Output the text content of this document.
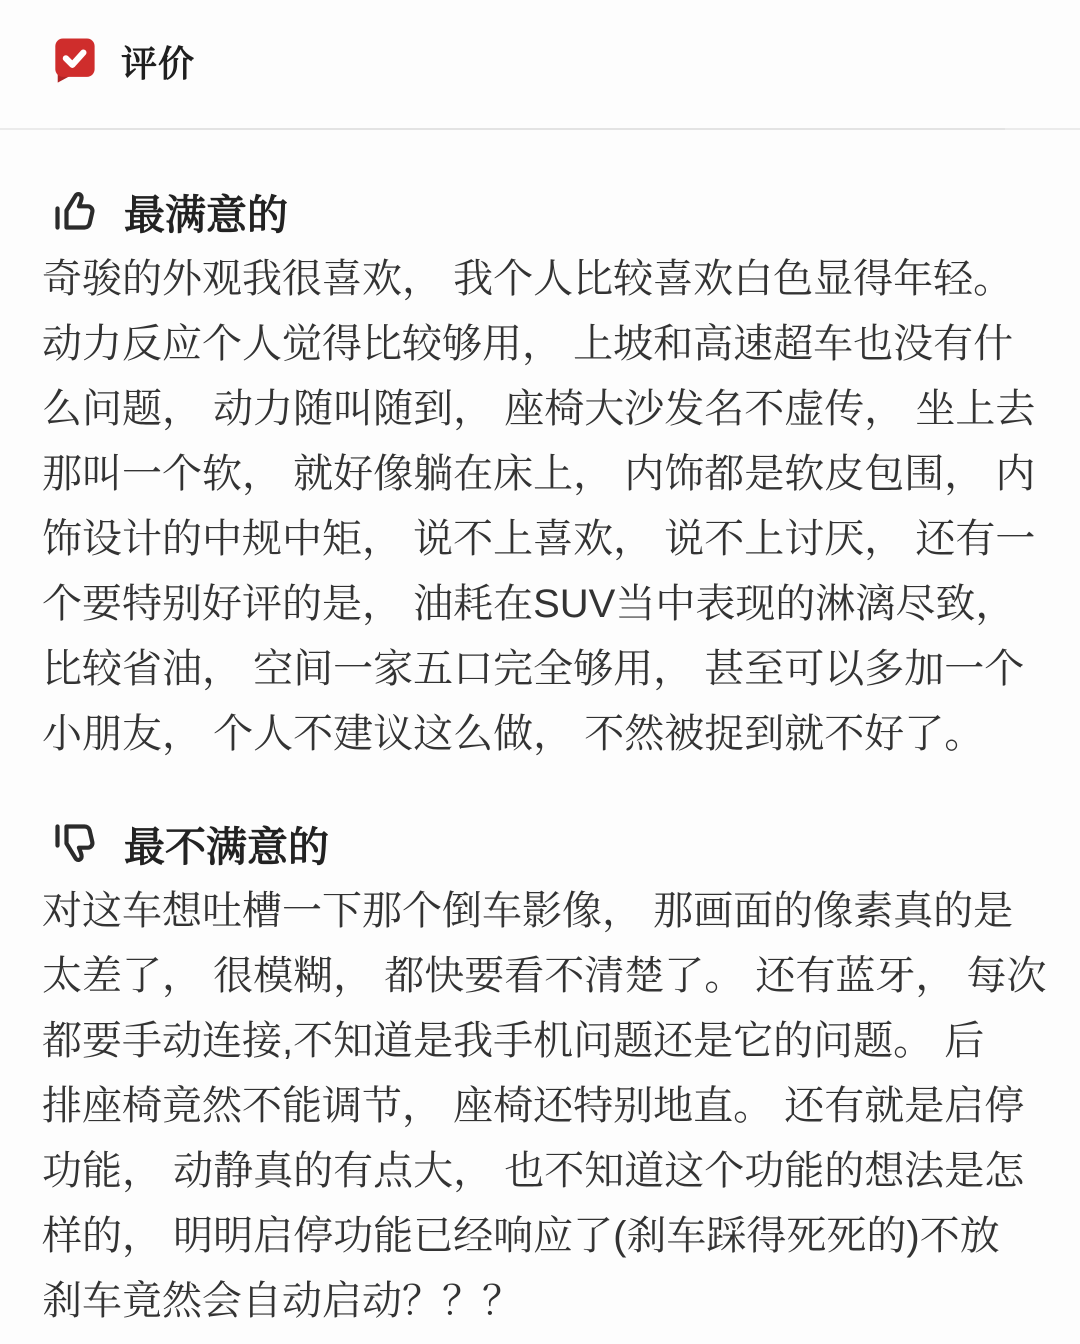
评价
最满意的
奇骏的外观我很喜欢， 我个人比较喜欢白色显得年轻。
动力反应个人觉得比较够用， 上坡和高速超车也没有什
么问题， 动力随叫随到， 座椅大沙发名不虚传， 坐上去
那叫一个软， 就好像躺在床上， 内饰都是软皮包围， 内
饰设计的中规中矩， 说不上喜欢， 说不上讨厌， 还有一
个要特别好评的是， 油耗在SUV当中表现的淋漓尽致，
比较省油， 空间一家五口完全够用， 甚至可以多加一个
小朋友， 个人不建议这么做， 不然被捉到就不好了。
最不满意的
对这车想吐槽一下那个倒车影像， 那画面的像素真的是
太差了， 很模糊， 都快要看不清楚了。 还有蓝牙， 每次
都要手动连接,不知道是我手机问题还是它的问题。 后
排座椅竟然不能调节， 座椅还特别地直。 还有就是启停
功能， 动静真的有点大， 也不知道这个功能的想法是怎
样的， 明明启停功能已经响应了(刹车踩得死死的)不放
刹车竟然会自动启动？？？
